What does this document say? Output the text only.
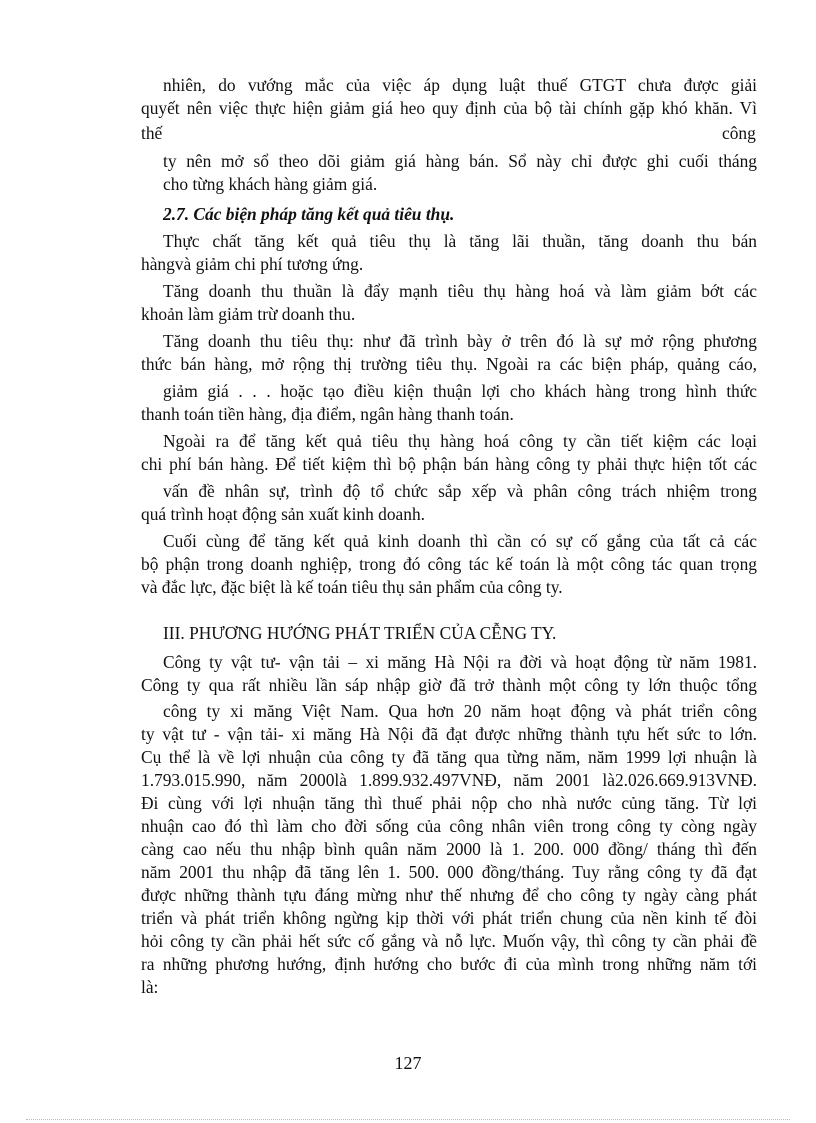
nhiên, do vướng mắc của việc áp dụng luật thuế GTGT chưa được giải
quyết nên việc thực hiện giảm giá heo quy định của bộ tài chính gặp khó khăn. Vì
thế	công
ty nên mở sổ theo dõi giảm giá hàng bán. Sổ này chỉ được ghi cuối tháng
cho từng khách hàng giảm giá.
2.7. Các biện pháp tăng kết quả tiêu thụ.
Thực chất tăng kết quả tiêu thụ là tăng lãi thuần, tăng doanh thu bán
hàngvà giảm chi phí tương ứng.
Tăng doanh thu thuần là đẩy mạnh tiêu thụ hàng hoá và làm giảm bớt các
khoản làm giảm trừ doanh thu.
Tăng doanh thu tiêu thụ: như đã trình bày ở trên đó là sự mở rộng phương
thức bán hàng, mở rộng thị trường tiêu thụ. Ngoài ra các biện pháp, quảng cáo,
giảm giá . . . hoặc tạo điều kiện thuận lợi cho khách hàng trong hình thức
thanh toán tiền hàng, địa điểm, ngân hàng thanh toán.
Ngoài ra để tăng kết quả tiêu thụ hàng hoá công ty cần tiết kiệm các loại
chi phí bán hàng. Để tiết kiệm thì bộ phận bán hàng công ty phải thực hiện tốt các
vấn đề nhân sự, trình độ tổ chức sắp xếp và phân công trách nhiệm trong
quá trình hoạt động sản xuất kinh doanh.
Cuối cùng để tăng kết quả kinh doanh thì cần có sự cố gắng của tất cả các
bộ phận trong doanh nghiệp, trong đó công tác kế toán là một công tác quan trọng
và đắc lực, đặc biệt là kế toán tiêu thụ sản phẩm của công ty.
III. PHƯƠNG HƯỚNG PHÁT TRIỂN CỦA CỄNG TY.
Công ty vật tư- vận tải – xi măng Hà Nội ra đời và hoạt động từ năm 1981.
Công ty qua rất nhiều lần sáp nhập giờ đã trở thành một công ty lớn thuộc tổng
công ty xi măng Việt Nam. Qua hơn 20 năm hoạt động và phát triển công
ty vật tư - vận tải- xi măng Hà Nội đã đạt được những thành tựu hết sức to lớn.
Cụ thể là về lợi nhuận của công ty đã tăng qua từng năm, năm 1999 lợi nhuận là
1.793.015.990, năm 2000là 1.899.932.497VNĐ, năm 2001 là2.026.669.913VNĐ.
Đi cùng với lợi nhuận tăng thì thuế phải nộp cho nhà nước củng tăng. Từ lợi
nhuận cao đó thì làm cho đời sống của công nhân viên trong công ty còng ngày
càng cao nếu thu nhập bình quân năm 2000 là 1. 200. 000 đồng/ tháng thì đến
năm 2001 thu nhập đã tăng lên 1. 500. 000 đồng/tháng. Tuy rằng công ty đã đạt
được những thành tựu đáng mừng như thế nhưng để cho công ty ngày càng phát
triển và phát triển không ngừng kịp thời với phát triển chung của nền kinh tế đòi
hỏi công ty cần phải hết sức cố gắng và nỗ lực. Muốn vậy, thì công ty cần phải đề
ra những phương hướng, định hướng cho bước đi của mình trong những năm tới
là:
127
